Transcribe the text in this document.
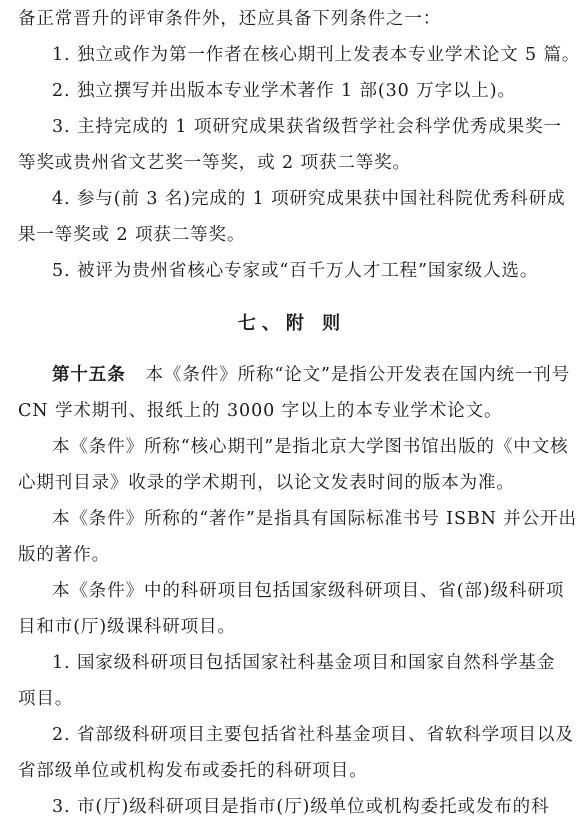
备正常晋升的评审条件外，还应具备下列条件之一：
1. 独立或作为第一作者在核心期刊上发表本专业学术论文 5 篇。
2. 独立撰写并出版本专业学术著作 1 部(30 万字以上)。
3. 主持完成的 1 项研究成果获省级哲学社会科学优秀成果奖一
等奖或贵州省文艺奖一等奖，或 2 项获二等奖。
4. 参与(前 3 名)完成的 1 项研究成果获中国社科院优秀科研成
果一等奖或 2 项获二等奖。
5. 被评为贵州省核心专家或“百千万人才工程”国家级人选。
七、附 则
第十五条 本《条件》所称“论文”是指公开发表在国内统一刊号
CN 学术期刊、报纸上的 3000 字以上的本专业学术论文。
本《条件》所称“核心期刊”是指北京大学图书馆出版的《中文核
心期刊目录》收录的学术期刊，以论文发表时间的版本为准。
本《条件》所称的“著作”是指具有国际标准书号 ISBN 并公开出
版的著作。
本《条件》中的科研项目包括国家级科研项目、省(部)级科研项
目和市(厅)级课科研项目。
1. 国家级科研项目包括国家社科基金项目和国家自然科学基金
项目。
2. 省部级科研项目主要包括省社科基金项目、省软科学项目以及
省部级单位或机构发布或委托的科研项目。
3. 市(厅)级科研项目是指市(厅)级单位或机构委托或发布的科
